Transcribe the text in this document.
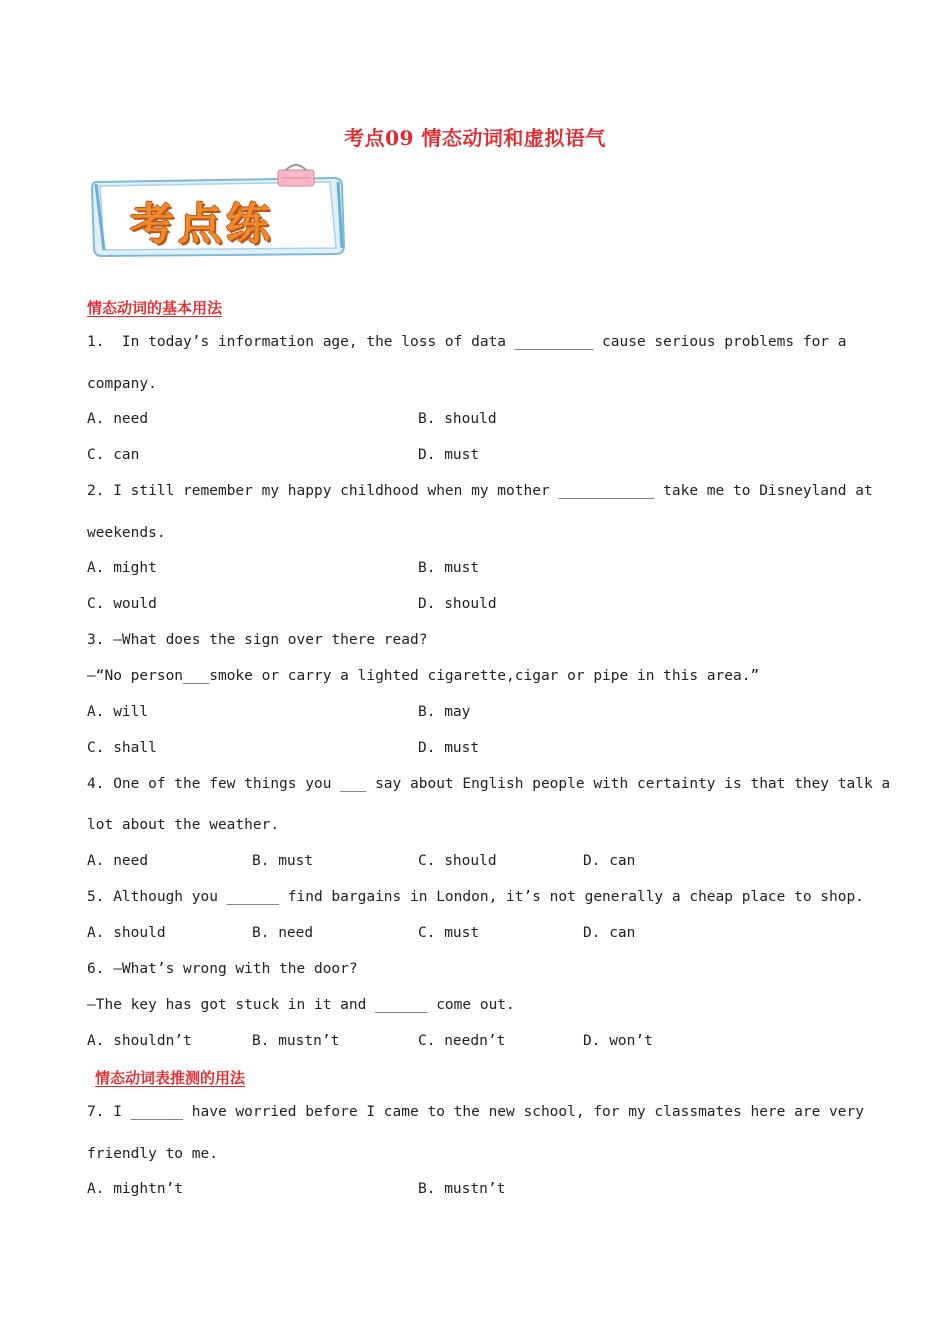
考点09 情态动词和虚拟语气
考点练
情态动词的基本用法
1.  In today’s information age, the loss of data _________ cause serious problems for a
company.
A. need	B. should
C. can	D. must
2. I still remember my happy childhood when my mother ___________ take me to Disneyland at
weekends.
A. might	B. must
C. would	D. should
3. —What does the sign over there read?
—“No person___smoke or carry a lighted cigarette,cigar or pipe in this area.”
A. will	B. may
C. shall	D. must
4. One of the few things you ___ say about English people with certainty is that they talk a
lot about the weather.
A. need	B. must	C. should	D. can
5. Although you ______ find bargains in London, it’s not generally a cheap place to shop.
A. should	B. need	C. must	D. can
6. —What’s wrong with the door?
—The key has got stuck in it and ______ come out.
A. shouldn’t	B. mustn’t	C. needn’t	D. won’t
情态动词表推测的用法
7. I ______ have worried before I came to the new school, for my classmates here are very
friendly to me.
A. mightn’t	B. mustn’t
